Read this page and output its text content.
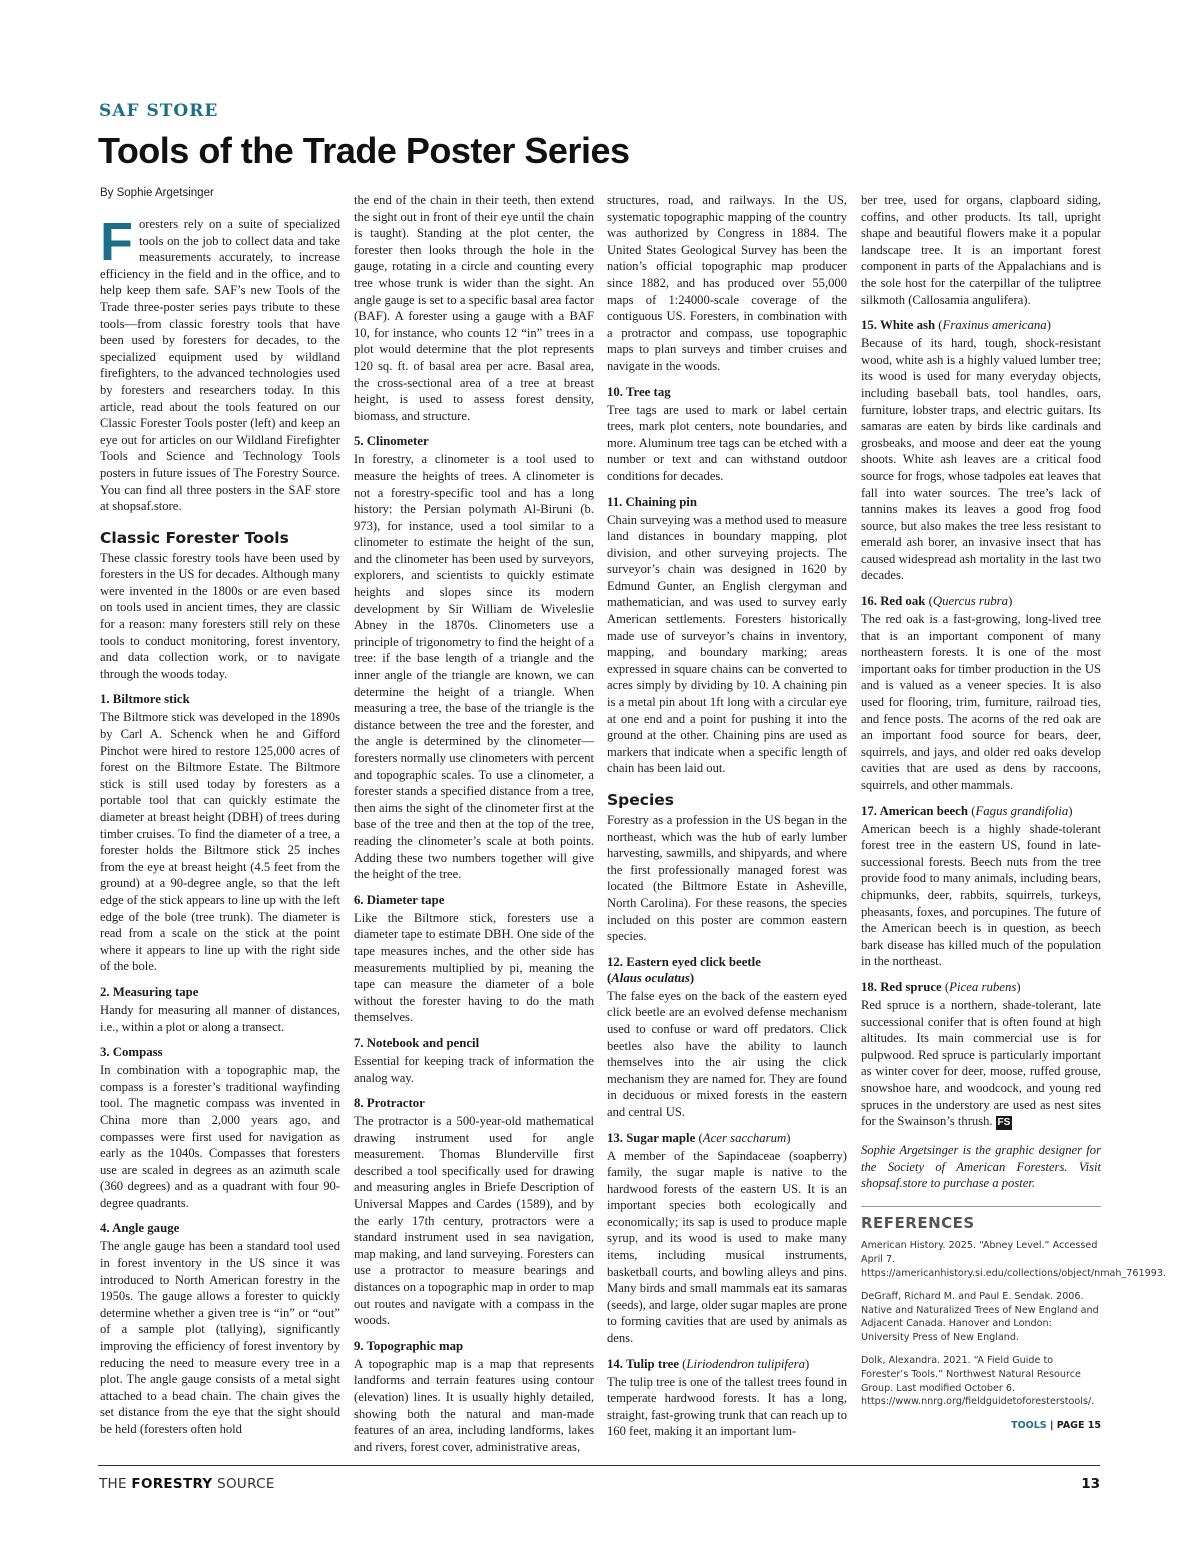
SAF STORE
Tools of the Trade Poster Series
By Sophie Argetsinger

Foresters rely on a suite of specialized tools on the job to collect data and take measurements accurately, to increase efficiency in the field and in the office, and to help keep them safe. SAF’s new Tools of the Trade three-poster series pays tribute to these tools—from classic forestry tools that have been used by foresters for decades, to the specialized equipment used by wildland firefighters, to the advanced technologies used by foresters and researchers today. In this article, read about the tools featured on our Classic Forester Tools poster (left) and keep an eye out for articles on our Wildland Firefighter Tools and Science and Technology Tools posters in future issues of The Forestry Source. You can find all three posters in the SAF store at shopsaf.store.

Classic Forester Tools

These classic forestry tools have been used by foresters in the US for decades. Although many were invented in the 1800s or are even based on tools used in ancient times, they are classic for a reason: many foresters still rely on these tools to conduct monitoring, forest inventory, and data collection work, or to navigate through the woods today.

1. Biltmore stick

The Biltmore stick was developed in the 1890s by Carl A. Schenck when he and Gifford Pinchot were hired to restore 125,000 acres of forest on the Biltmore Estate. The Biltmore stick is still used today by foresters as a portable tool that can quickly estimate the diameter at breast height (DBH) of trees during timber cruises. To find the diameter of a tree, a forester holds the Biltmore stick 25 inches from the eye at breast height (4.5 feet from the ground) at a 90-degree angle, so that the left edge of the stick appears to line up with the left edge of the bole (tree trunk). The diameter is read from a scale on the stick at the point where it appears to line up with the right side of the bole.

2. Measuring tape

Handy for measuring all manner of distances, i.e., within a plot or along a transect.

3. Compass

In combination with a topographic map, the compass is a forester’s traditional wayfinding tool. The magnetic compass was invented in China more than 2,000 years ago, and compasses were first used for navigation as early as the 1040s. Compasses that foresters use are scaled in degrees as an azimuth scale (360 degrees) and as a quadrant with four 90-degree quadrants.

4. Angle gauge

The angle gauge has been a standard tool used in forest inventory in the US since it was introduced to North American forestry in the 1950s. The gauge allows a forester to quickly determine whether a given tree is “in” or “out” of a sample plot (tallying), significantly improving the efficiency of forest inventory by reducing the need to measure every tree in a plot. The angle gauge consists of a metal sight attached to a bead chain. The chain gives the set distance from the eye that the sight should be held (foresters often hold

the end of the chain in their teeth, then extend the sight out in front of their eye until the chain is taught). Standing at the plot center, the forester then looks through the hole in the gauge, rotating in a circle and counting every tree whose trunk is wider than the sight. An angle gauge is set to a specific basal area factor (BAF). A forester using a gauge with a BAF 10, for instance, who counts 12 “in” trees in a plot would determine that the plot represents 120 sq. ft. of basal area per acre. Basal area, the cross-sectional area of a tree at breast height, is used to assess forest density, biomass, and structure.

5. Clinometer

In forestry, a clinometer is a tool used to measure the heights of trees. A clinometer is not a forestry-specific tool and has a long history: the Persian polymath Al-Biruni (b. 973), for instance, used a tool similar to a clinometer to estimate the height of the sun, and the clinometer has been used by surveyors, explorers, and scientists to quickly estimate heights and slopes since its modern development by Sir William de Wiveleslie Abney in the 1870s. Clinometers use a principle of trigonometry to find the height of a tree: if the base length of a triangle and the inner angle of the triangle are known, we can determine the height of a triangle. When measuring a tree, the base of the triangle is the distance between the tree and the forester, and the angle is determined by the clinometer—foresters normally use clinometers with percent and topographic scales. To use a clinometer, a forester stands a specified distance from a tree, then aims the sight of the clinometer first at the base of the tree and then at the top of the tree, reading the clinometer’s scale at both points. Adding these two numbers together will give the height of the tree.

6. Diameter tape

Like the Biltmore stick, foresters use a diameter tape to estimate DBH. One side of the tape measures inches, and the other side has measurements multiplied by pi, meaning the tape can measure the diameter of a bole without the forester having to do the math themselves.

7. Notebook and pencil

Essential for keeping track of information the analog way.

8. Protractor

The protractor is a 500-year-old mathematical drawing instrument used for angle measurement. Thomas Blunderville first described a tool specifically used for drawing and measuring angles in Briefe Description of Universal Mappes and Cardes (1589), and by the early 17th century, protractors were a standard instrument used in sea navigation, map making, and land surveying. Foresters can use a protractor to measure bearings and distances on a topographic map in order to map out routes and navigate with a compass in the woods.

9. Topographic map

A topographic map is a map that represents landforms and terrain features using contour (elevation) lines. It is usually highly detailed, showing both the natural and man-made features of an area, including landforms, lakes and rivers, forest cover, administrative areas,

structures, road, and railways. In the US, systematic topographic mapping of the country was authorized by Congress in 1884. The United States Geological Survey has been the nation’s official topographic map producer since 1882, and has produced over 55,000 maps of 1:24000-scale coverage of the contiguous US. Foresters, in combination with a protractor and compass, use topographic maps to plan surveys and timber cruises and navigate in the woods.

10. Tree tag

Tree tags are used to mark or label certain trees, mark plot centers, note boundaries, and more. Aluminum tree tags can be etched with a number or text and can withstand outdoor conditions for decades.

11. Chaining pin

Chain surveying was a method used to measure land distances in boundary mapping, plot division, and other surveying projects. The surveyor’s chain was designed in 1620 by Edmund Gunter, an English clergyman and mathematician, and was used to survey early American settlements. Foresters historically made use of surveyor’s chains in inventory, mapping, and boundary marking; areas expressed in square chains can be converted to acres simply by dividing by 10. A chaining pin is a metal pin about 1ft long with a circular eye at one end and a point for pushing it into the ground at the other. Chaining pins are used as markers that indicate when a specific length of chain has been laid out.

Species

Forestry as a profession in the US began in the northeast, which was the hub of early lumber harvesting, sawmills, and shipyards, and where the first professionally managed forest was located (the Biltmore Estate in Asheville, North Carolina). For these reasons, the species included on this poster are common eastern species.

12. Eastern eyed click beetle
(Alaus oculatus)

The false eyes on the back of the eastern eyed click beetle are an evolved defense mechanism used to confuse or ward off predators. Click beetles also have the ability to launch themselves into the air using the click mechanism they are named for. They are found in deciduous or mixed forests in the eastern and central US.

13. Sugar maple (Acer saccharum)

A member of the Sapindaceae (soapberry) family, the sugar maple is native to the hardwood forests of the eastern US. It is an important species both ecologically and economically; its sap is used to produce maple syrup, and its wood is used to make many items, including musical instruments, basketball courts, and bowling alleys and pins. Many birds and small mammals eat its samaras (seeds), and large, older sugar maples are prone to forming cavities that are used by animals as dens.

14. Tulip tree (Liriodendron tulipifera)

The tulip tree is one of the tallest trees found in temperate hardwood forests. It has a long, straight, fast-growing trunk that can reach up to 160 feet, making it an important lum-

ber tree, used for organs, clapboard siding, coffins, and other products. Its tall, upright shape and beautiful flowers make it a popular landscape tree. It is an important forest component in parts of the Appalachians and is the sole host for the caterpillar of the tuliptree silkmoth (Callosamia angulifera).

15. White ash (Fraxinus americana)

Because of its hard, tough, shock-resistant wood, white ash is a highly valued lumber tree; its wood is used for many everyday objects, including baseball bats, tool handles, oars, furniture, lobster traps, and electric guitars. Its samaras are eaten by birds like cardinals and grosbeaks, and moose and deer eat the young shoots. White ash leaves are a critical food source for frogs, whose tadpoles eat leaves that fall into water sources. The tree’s lack of tannins makes its leaves a good frog food source, but also makes the tree less resistant to emerald ash borer, an invasive insect that has caused widespread ash mortality in the last two decades.

16. Red oak (Quercus rubra)

The red oak is a fast-growing, long-lived tree that is an important component of many northeastern forests. It is one of the most important oaks for timber production in the US and is valued as a veneer species. It is also used for flooring, trim, furniture, railroad ties, and fence posts. The acorns of the red oak are an important food source for bears, deer, squirrels, and jays, and older red oaks develop cavities that are used as dens by raccoons, squirrels, and other mammals.

17. American beech (Fagus grandifolia)

American beech is a highly shade-tolerant forest tree in the eastern US, found in late-successional forests. Beech nuts from the tree provide food to many animals, including bears, chipmunks, deer, rabbits, squirrels, turkeys, pheasants, foxes, and porcupines. The future of the American beech is in question, as beech bark disease has killed much of the population in the northeast.

18. Red spruce (Picea rubens)

Red spruce is a northern, shade-tolerant, late successional conifer that is often found at high altitudes. Its main commercial use is for pulpwood. Red spruce is particularly important as winter cover for deer, moose, ruffed grouse, snowshoe hare, and woodcock, and young red spruces in the understory are used as nest sites for the Swainson’s thrush. FS

Sophie Argetsinger is the graphic designer for the Society of American Foresters. Visit shopsaf.store to purchase a poster.

REFERENCES

American History. 2025. “Abney Level.” Accessed April 7. https://americanhistory.si.edu/collections/object/nmah_761993.

DeGraff, Richard M. and Paul E. Sendak. 2006. Native and Naturalized Trees of New England and Adjacent Canada. Hanover and London: University Press of New England.

Dolk, Alexandra. 2021. “A Field Guide to Forester’s Tools.” Northwest Natural Resource Group. Last modified October 6. https://www.nnrg.org/fieldguidetoforesterstools/.

TOOLS | PAGE 15
THE FORESTRY SOURCE	13
